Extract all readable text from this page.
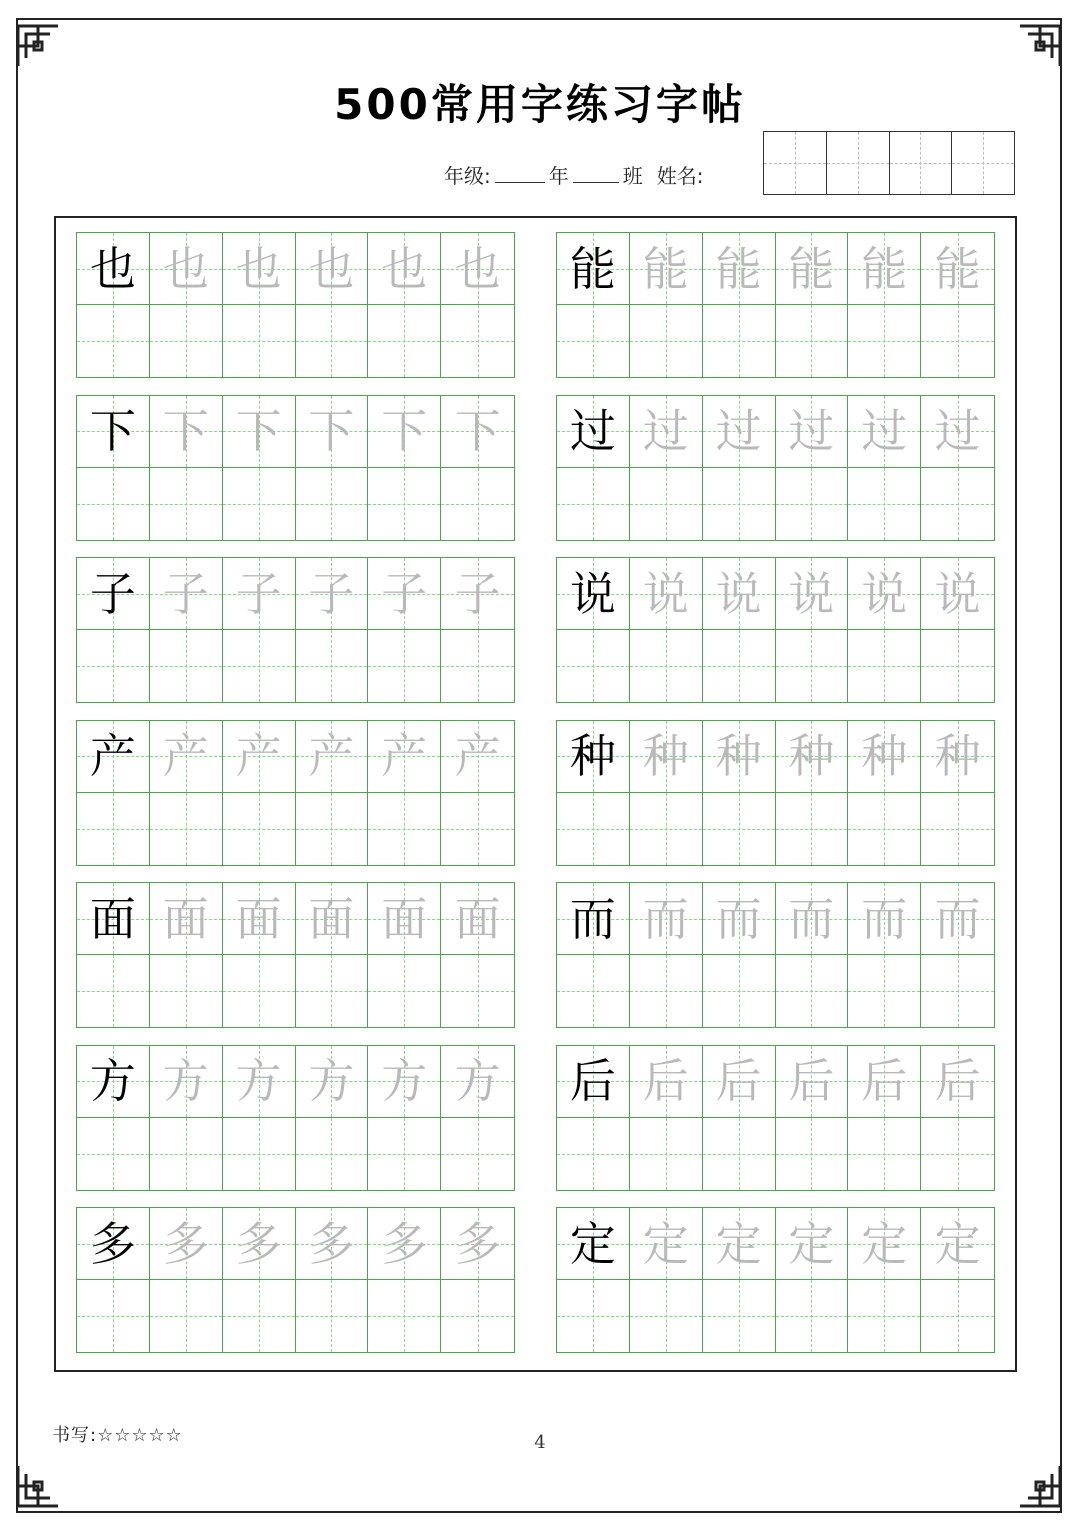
500常用字练习字帖
年级:	年	班 姓名:
也 也 也 也 也 也
下 下 下 下 下 下
子 子 子 子 子 子
产 产 产 产 产 产
面 面 面 面 面 面
方 方 方 方 方 方
多 多 多 多 多 多
能 能 能 能 能 能
过 过 过 过 过 过
说 说 说 说 说 说
种 种 种 种 种 种
而 而 而 而 而 而
后 后 后 后 后 后
定 定 定 定 定 定
书写:☆☆☆☆☆	4
